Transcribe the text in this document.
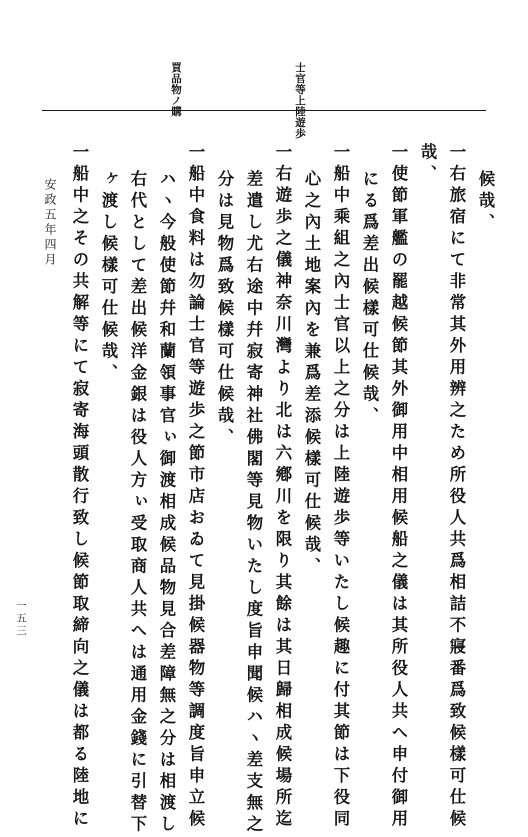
士官等上陸遊歩
買品物ノ購
候哉、
一右旅宿にて非常其外用辨之ため所役人共爲相詰不寢番爲致候樣可仕候
哉、
一使節軍艦の罷越候節其外御用中相用候船之儀は其所役人共へ申付御用
にる爲差出候樣可仕候哉、
一船中乘組之內士官以上之分は上陸遊歩等いたし候趣に付其節は下役同
心之內土地案內を兼爲差添候樣可仕候哉、
一右遊歩之儀神奈川灣より北は六鄕川を限り其餘は其日歸相成候場所迄
差遣し尤右途中幷寂寄神社佛閣等見物いたし度旨申聞候ハヽ差支無之
分は見物爲致候樣可仕候哉、
一船中食料は勿論士官等遊歩之節市店おゐて見掛候器物等調度旨申立候
ハヽ今般使節幷和蘭領事官ぃ御渡相成候品物見合差障無之分は相渡し
右代として差出候洋金銀は役人方ぃ受取商人共へは通用金錢に引替下
ヶ渡し候樣可仕候哉、
一船中之その共解等にて寂寄海頭散行致し候節取締向之儀は都る陸地に
安政五年四月
一五三
